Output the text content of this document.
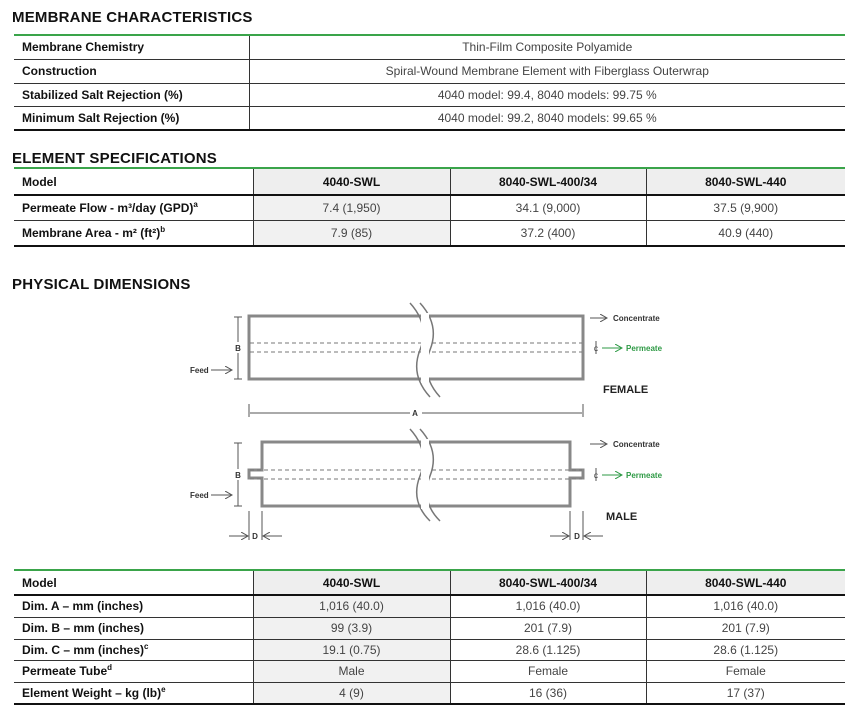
MEMBRANE CHARACTERISTICS
Membrane Chemistry	Thin-Film Composite Polyamide
Construction	Spiral-Wound Membrane Element with Fiberglass Outerwrap
Stabilized Salt Rejection (%)	4040 model: 99.4, 8040 models: 99.75 %
Minimum Salt Rejection (%)	4040 model: 99.2, 8040 models: 99.65 %
ELEMENT SPECIFICATIONS
Model	4040-SWL	8040-SWL-400/34	8040-SWL-440
Permeate Flow - m³/day (GPD)$^a$	7.4 (1,950)	34.1 (9,000)	37.5 (9,900)
Membrane Area - m² $(ft^2)^b$	7.9 (85)	37.2 (400)	40.9 (440)
PHYSICAL DIMENSIONS
B
Feed
Concentrate
C	Permeate
FEMALE
A
B
Feed
Concentrate
C	Permeate
MALE
D	D
Model	4040-SWL	8040-SWL-400/34	8040-SWL-440
Dim. A – mm (inches)	1,016 (40.0)	1,016 (40.0)	1,016 (40.0)
Dim. B – mm (inches)	99 (3.9)	201 (7.9)	201 (7.9)
Dim. C – mm (inches)$^c$	19.1 (0.75)	28.6 (1.125)	28.6 (1.125)
Permeate Tube$^d$	Male	Female	Female
Element Weight – kg (lb)$^e$	4 (9)	16 (36)	17 (37)
